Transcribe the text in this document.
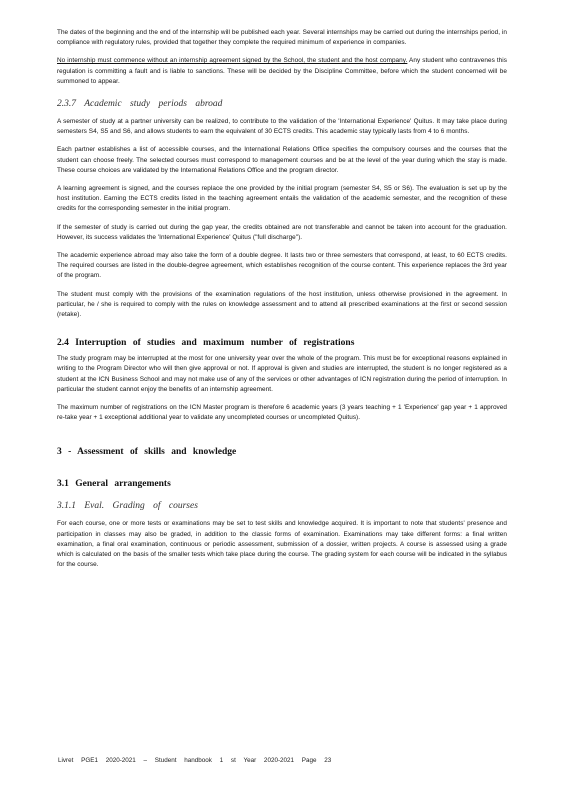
The dates of the beginning and the end of the internship will be published each year. Several internships may be carried out during the internships period, in compliance with regulatory rules, provided that together they complete the required minimum of experience in companies.

No internship must commence without an internship agreement signed by the School, the student and the host company. Any student who contravenes this regulation is committing a fault and is liable to sanctions. These will be decided by the Discipline Committee, before which the student concerned will be summoned to appear.

2.3.7 Academic study periods abroad

A semester of study at a partner university can be realized, to contribute to the validation of the 'International Experience' Quitus. It may take place during semesters S4, S5 and S6, and allows students to earn the equivalent of 30 ECTS credits. This academic stay typically lasts from 4 to 6 months.

Each partner establishes a list of accessible courses, and the International Relations Office specifies the compulsory courses and the courses that the student can choose freely. The selected courses must correspond to management courses and be at the level of the year during which the stay is made. These course choices are validated by the International Relations Office and the program director.

A learning agreement is signed, and the courses replace the one provided by the initial program (semester S4, S5 or S6). The evaluation is set up by the host institution. Earning the ECTS credits listed in the teaching agreement entails the validation of the academic semester, and the recognition of these credits for the corresponding semester in the initial program.

If the semester of study is carried out during the gap year, the credits obtained are not transferable and cannot be taken into account for the graduation. However, its success validates the 'International Experience' Quitus ("full discharge").

The academic experience abroad may also take the form of a double degree. It lasts two or three semesters that correspond, at least, to 60 ECTS credits. The required courses are listed in the double-degree agreement, which establishes recognition of the course content. This experience replaces the 3rd year of the program.

The student must comply with the provisions of the examination regulations of the host institution, unless otherwise provisioned in the agreement. In particular, he / she is required to comply with the rules on knowledge assessment and to attend all prescribed examinations at the first or second session (retake).

2.4 Interruption of studies and maximum number of registrations

The study program may be interrupted at the most for one university year over the whole of the program. This must be for exceptional reasons explained in writing to the Program Director who will then give approval or not. If approval is given and studies are interrupted, the student is no longer registered as a student at the ICN Business School and may not make use of any of the services or other advantages of ICN registration during the period of interruption. In particular the student cannot enjoy the benefits of an internship agreement.

The maximum number of registrations on the ICN Master program is therefore 6 academic years (3 years teaching + 1 'Experience' gap year + 1 approved re-take year + 1 exceptional additional year to validate any uncompleted courses or uncompleted Quitus).

3 - Assessment of skills and knowledge
3.1 General arrangements
3.1.1 Eval. Grading of courses

For each course, one or more tests or examinations may be set to test skills and knowledge acquired. It is important to note that students' presence and participation in classes may also be graded, in addition to the classic forms of examination. Examinations may take different forms: a final written examination, a final oral examination, continuous or periodic assessment, submission of a dossier, written projects. A course is assessed using a grade which is calculated on the basis of the smaller tests which take place during the course. The grading system for each course will be indicated in the syllabus for the course.

Livret PGE1 2020-2021 – Student handbook 1 st Year 2020-2021 Page 23
